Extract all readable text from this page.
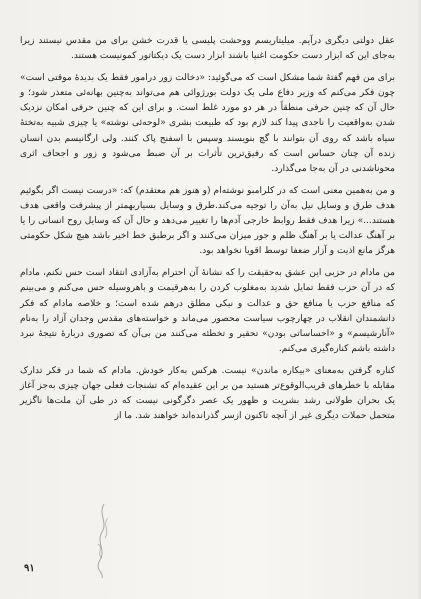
عقل دولتی دیگری درآیم. میلیتاریسم ووحشت پلیسی یا قدرت خشن برای من مقدس نیستند زیرا به‌جای این که ابزار دست حکومت اغنیا باشند ابزار دست یک دیکتاتور کمونیست هستند.

برای من فهم گفتهٔ شما مشکل است که می‌گوئید: «دخالت زور درامور فقط یک بدیدهٔ موقتی است» چون فکر می‌کنم که وزیر دفاع ملی یک دولت بورژوائی هم می‌تواند به‌چنین بهانه‌ئی متعذر شود؛ و حال آن که چنین حرفی منطقاً در هر دو مورد غلط است. و برای این که چنین حرفی امکان نزدیک شدن به‌واقعیت را ناجدی پیدا کند لازم بود که طبیعت بشری «لوحه‌ئی نوشته» یا چیزی شبیه به‌تختهٔ سیاه باشد که روی آن بتوانند با گچ بنویسند وسپس با اسفنج پاک کنند. ولی ارگانیسم بدن انسان زنده آن چنان حساس است که رفیق‌ترین تأثرات بر آن ضبط می‌شود و زور و اجحاف اثری محوناشدنی در آن به‌جا می‌گذارد.

و من به‌همین معنی است که در کلرامبو نوشته‌ام (و هنوز هم معتقدم) که: «درست نیست اگر بگوئیم هدف طرق و وسایل نیل به‌آن را توجیه می‌کند.طرق و وسایل بسیاربهمتر از پیشرفت واقعی هدف هستند...» زیرا هدف فقط روابط خارجی آدم‌ها را تغییر می‌دهد و حال آن که وسایل روح انسانی را یا بر آهنگ عدالت یا بر آهنگ ظلم و جور میزان می‌کنند و اگر برطبق خط اخیر باشد هیچ شکل حکومتی هرگز مانع اذیت و آزار ضعفا توسط اقویا نخواهد بود.

من مادام در حزبی این عشق به‌حقیقت را که نشانهٔ آن احترام به‌آزادی انتقاد است حس نکنم، مادام که در آن حزب فقط تمایل شدید به‌مغلوب کردن را به‌هرقیمت و باهروسیله حس می‌کنم و می‌بینم که منافع حزب یا منافع حق و عدالت و نیکی مطلق درهم شده است؛ و خلاصه مادام که فکر دانشمندان انقلاب در چهارچوب سیاست محصور می‌ماند و خواسته‌های مقدس وجدان آزاد را به‌نام «آنارشیسم» و «احساساتی بودن» تحقیر و تخطئه می‌کنند من بی‌آن که تصوری دربارهٔ نتیجهٔ نبرد داشته باشم کناره‌گیری می‌کنم.

کناره گرفتن به‌معنای «بیکاره ماندن» نیست. هرکس به‌کار خودش. مادام که شما در فکر تدارک مقابله با خطرهای قریب‌الوقوع‌تر هستید من بر این عقیده‌ام که تشنجات فعلی جهان چیزی به‌جز آغاز یک بحران طولانی رشد بشریت و ظهور یک عصر دگرگونی نیست که در طی آن ملت‌ها ناگزیر متحمل حملات دیگری غیر از آنچه تاکنون ازسر گذرانده‌اند خواهند شد. ما از

۹۱
